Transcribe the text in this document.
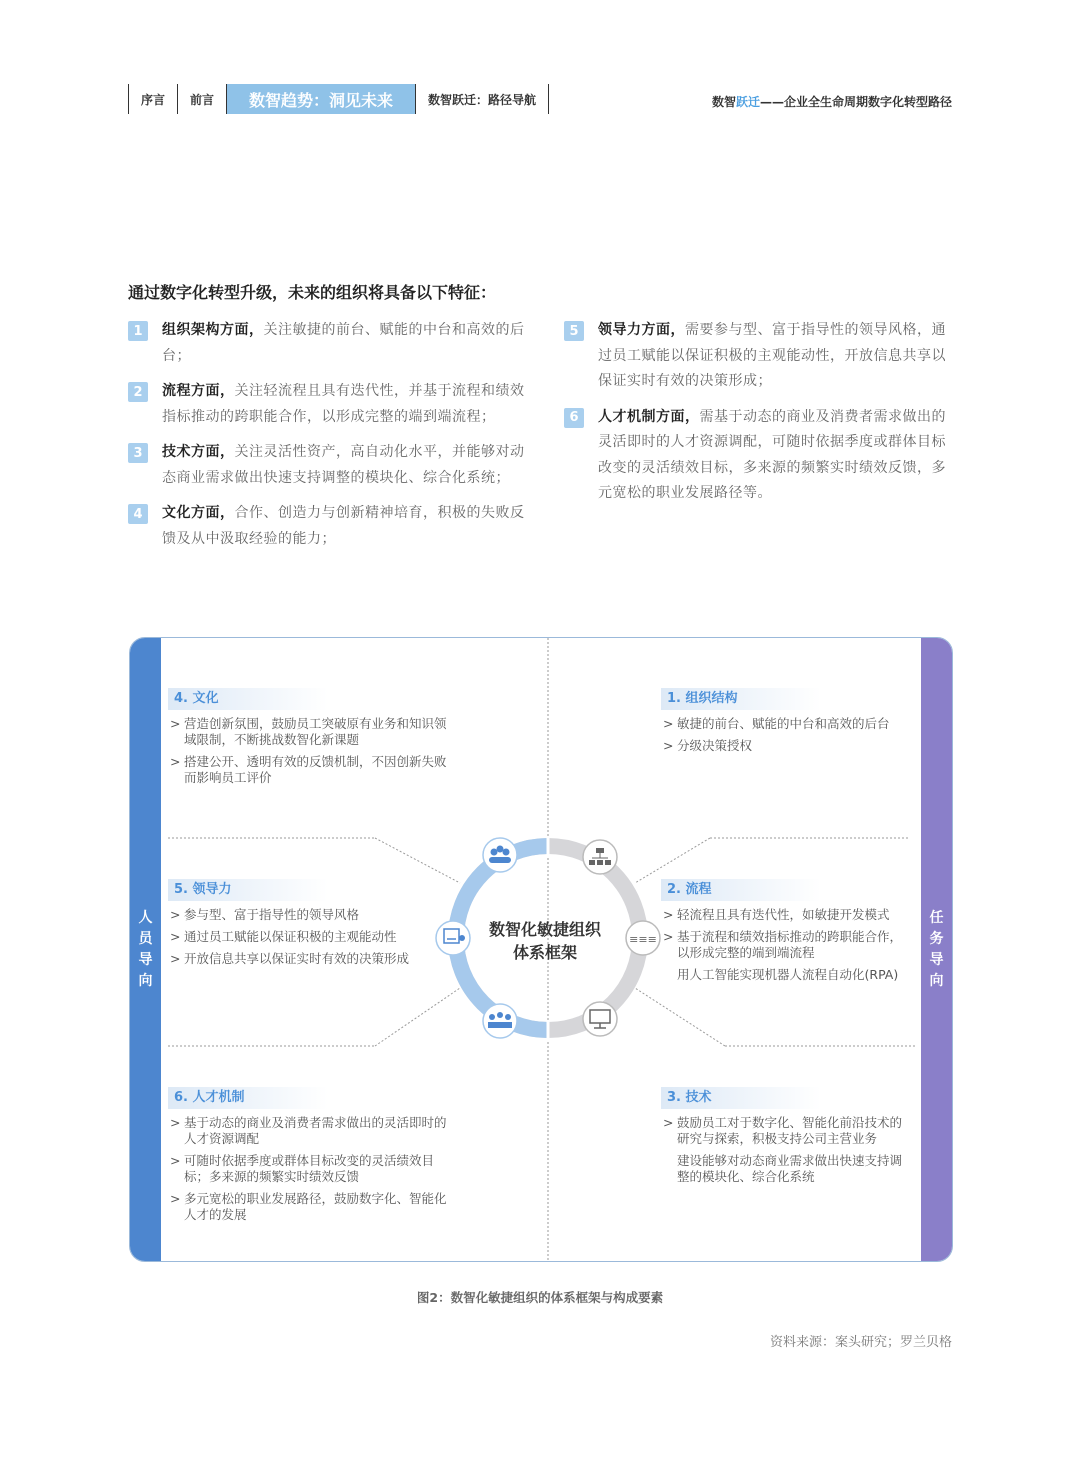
序言	前言	数智趋势：洞见未来	数智跃迁：路径导航	数智跃迁——企业全生命周期数字化转型路径
通过数字化转型升级，未来的组织将具备以下特征：
1	组织架构方面，关注敏捷的前台、赋能的中台和高效的后台；
2	流程方面，关注轻流程且具有迭代性，并基于流程和绩效指标推动的跨职能合作，以形成完整的端到端流程；
3	技术方面，关注灵活性资产，高自动化水平，并能够对动态商业需求做出快速支持调整的模块化、综合化系统；
4	文化方面，合作、创造力与创新精神培育，积极的失败反馈及从中汲取经验的能力；
5	领导力方面，需要参与型、富于指导性的领导风格，通过员工赋能以保证积极的主观能动性，开放信息共享以保证实时有效的决策形成；
6	人才机制方面，需基于动态的商业及消费者需求做出的灵活即时的人才资源调配，可随时依据季度或群体目标改变的灵活绩效目标，多来源的频繁实时绩效反馈，多元宽松的职业发展路径等。
≡≡≡
人
员
导
向
任
务
导
向
数智化敏捷组织
体系框架
4. 文化
> 营造创新氛围，鼓励员工突破原有业务和知识领域限制，不断挑战数智化新课题
> 搭建公开、透明有效的反馈机制，不因创新失败而影响员工评价
5. 领导力
> 参与型、富于指导性的领导风格
> 通过员工赋能以保证积极的主观能动性
> 开放信息共享以保证实时有效的决策形成
6. 人才机制
> 基于动态的商业及消费者需求做出的灵活即时的人才资源调配
> 可随时依据季度或群体目标改变的灵活绩效目标；多来源的频繁实时绩效反馈
> 多元宽松的职业发展路径，鼓励数字化、智能化人才的发展
1. 组织结构
> 敏捷的前台、赋能的中台和高效的后台
> 分级决策授权
2. 流程
> 轻流程且具有迭代性，如敏捷开发模式
> 基于流程和绩效指标推动的跨职能合作，以形成完整的端到端流程
用人工智能实现机器人流程自动化(RPA)
3. 技术
> 鼓励员工对于数字化、智能化前沿技术的研究与探索，积极支持公司主营业务
建设能够对动态商业需求做出快速支持调整的模块化、综合化系统
图2：数智化敏捷组织的体系框架与构成要素
资料来源：案头研究；罗兰贝格
